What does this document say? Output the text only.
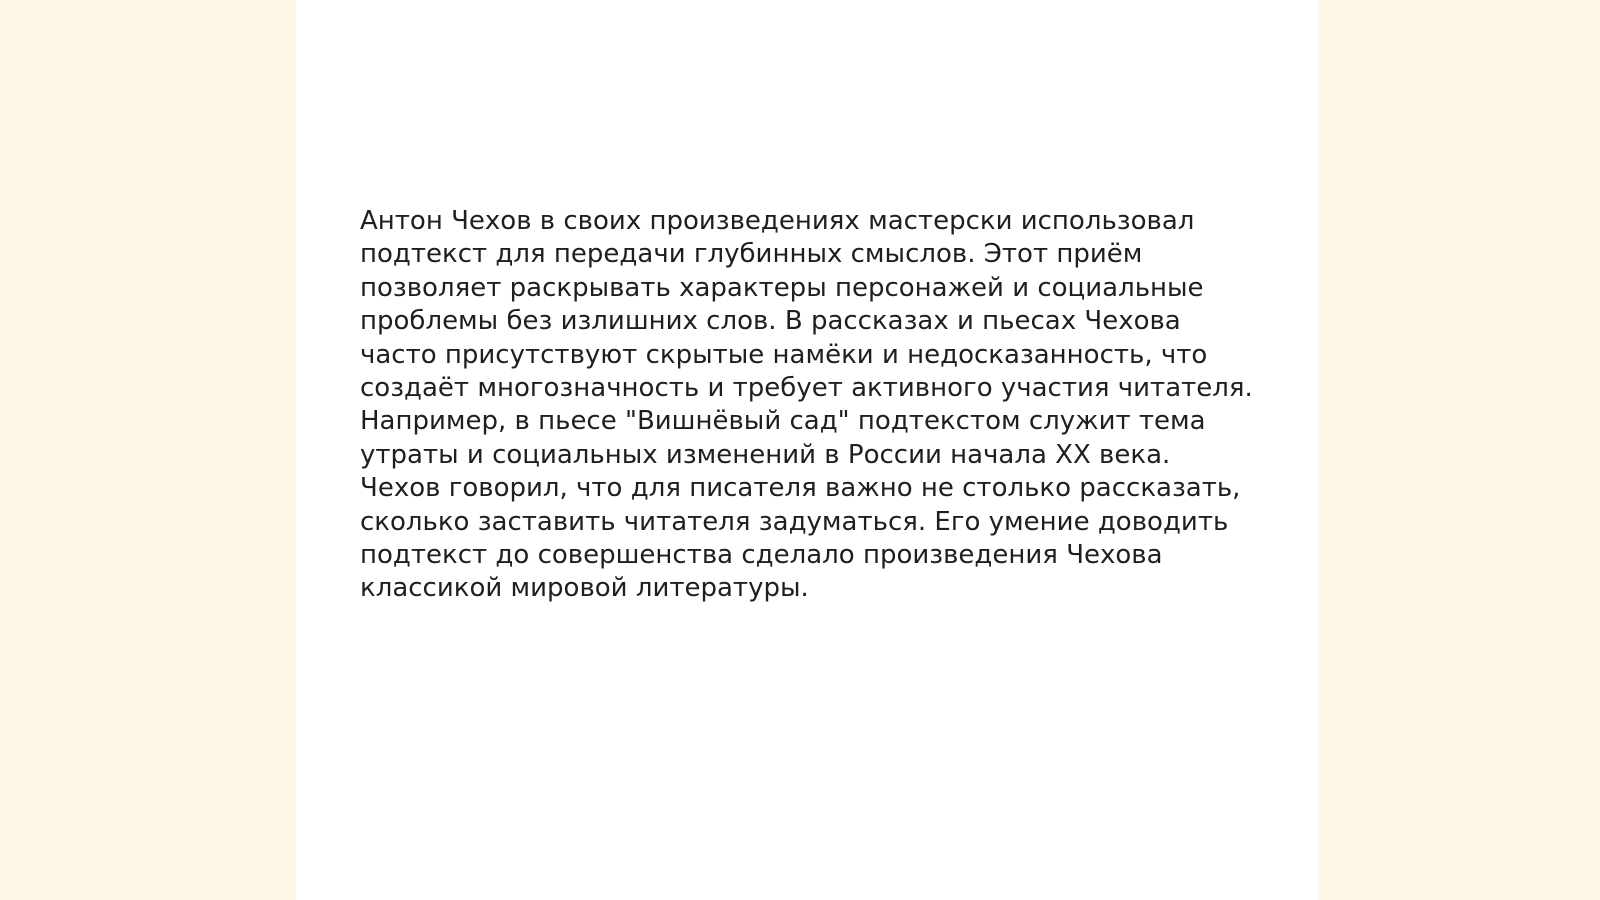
Антон Чехов в своих произведениях мастерски использовал
подтекст для передачи глубинных смыслов. Этот приём
позволяет раскрывать характеры персонажей и социальные
проблемы без излишних слов. В рассказах и пьесах Чехова
часто присутствуют скрытые намёки и недосказанность, что
создаёт многозначность и требует активного участия читателя.
Например, в пьесе "Вишнёвый сад" подтекстом служит тема
утраты и социальных изменений в России начала XX века.
Чехов говорил, что для писателя важно не столько рассказать,
сколько заставить читателя задуматься. Его умение доводить
подтекст до совершенства сделало произведения Чехова
классикой мировой литературы.
